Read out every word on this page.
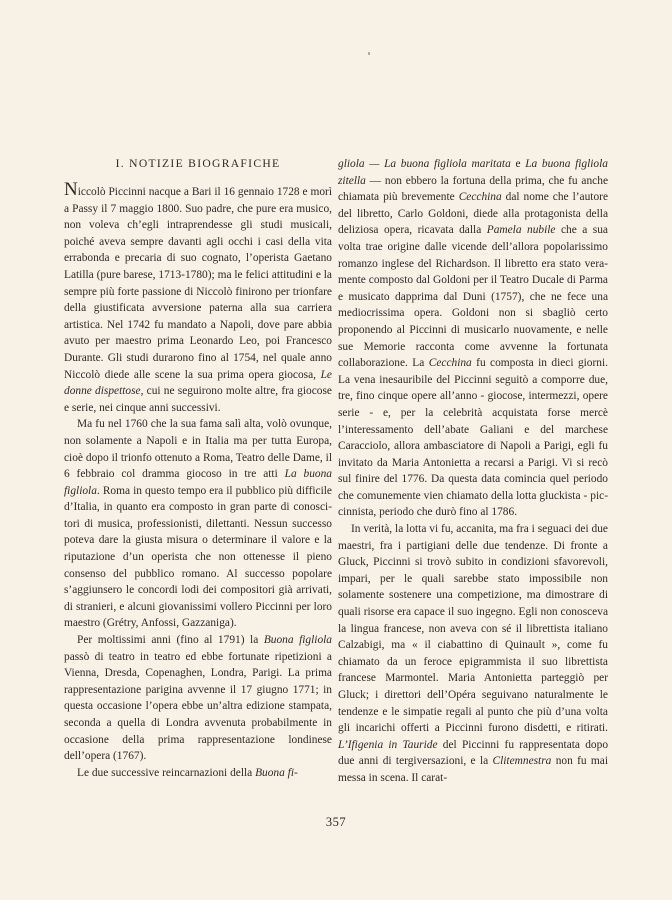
I. NOTIZIE BIOGRAFICHE

Niccolò Piccinni nacque a Bari il 16 gennaio 1728 e morì a Passy il 7 maggio 1800. Suo padre, che pure era musico, non voleva ch’egli intraprendesse gli studi musicali, poiché aveva sempre davanti agli occhi i casi della vita errabonda e precaria di suo cognato, l’operista Gaetano Latilla (pure barese, 1713-1780); ma le felici attitudini e la sempre più forte passione di Niccolò finirono per trionfare della giustificata avversione paterna alla sua carriera artistica. Nel 1742 fu mandato a Napoli, dove pare abbia avuto per maestro prima Leonardo Leo, poi Francesco Durante. Gli studi durarono fino al 1754, nel quale anno Niccolò diede alle scene la sua prima opera giocosa, Le donne dispettose, cui ne seguirono molte altre, fra giocose e serie, nei cinque anni successivi.

Ma fu nel 1760 che la sua fama salì alta, volò ovunque, non solamente a Napoli e in Italia ma per tutta Europa, cioè dopo il trionfo ottenuto a Roma, Teatro delle Dame, il 6 febbraio col dramma giocoso in tre atti La buona figliola. Roma in questo tempo era il pubblico più difficile d’Italia, in quanto era composto in gran parte di conoscitori di musica, professionisti, dilettanti. Nessun successo poteva dare la giusta misura o determinare il valore e la riputazione d’un operista che non ottenesse il pieno consenso del pubblico romano. Al successo popolare s’aggiunsero le concordi lodi dei compositori già arrivati, di stranieri, e alcuni giovanissimi vollero Piccinni per loro maestro (Grétry, Anfossi, Gazzaniga).

Per moltissimi anni (fino al 1791) la Buona figliola passò di teatro in teatro ed ebbe fortunate ripetizioni a Vienna, Dresda, Copenaghen, Londra, Parigi. La prima rappresentazione parigina avvenne il 17 giugno 1771; in questa occasione l’opera ebbe un’altra edizione stampata, seconda a quella di Londra avvenuta probabilmente in occasione della prima rappresentazione londinese dell’opera (1767).

Le due successive reincarnazioni della Buona fi-

gliola — La buona figliola maritata e La buona figliola zitella — non ebbero la fortuna della prima, che fu anche chiamata più brevemente Cecchina dal nome che l’autore del libretto, Carlo Goldoni, diede alla protagonista della deliziosa opera, ricavata dalla Pamela nubile che a sua volta trae origine dalle vicende dell’allora popolarissimo romanzo inglese del Richardson. Il libretto era stato veramente composto dal Goldoni per il Teatro Ducale di Parma e musicato dapprima dal Duni (1757), che ne fece una mediocrissima opera. Goldoni non si sbagliò certo proponendo al Piccinni di musicarlo nuovamente, e nelle sue Memorie racconta come avvenne la fortunata collaborazione. La Cecchina fu composta in dieci giorni. La vena inesauribile del Piccinni seguitò a comporre due, tre, fino cinque opere all’anno - giocose, intermezzi, opere serie - e, per la celebrità acquistata forse mercè l’interessamento dell’abate Galiani e del marchese Caracciolo, allora ambasciatore di Napoli a Parigi, egli fu invitato da Maria Antonietta a recarsi a Parigi. Vi si recò sul finire del 1776. Da questa data comincia quel periodo che comunemente vien chiamato della lotta gluckista - piccinnista, periodo che durò fino al 1786.

In verità, la lotta vi fu, accanita, ma fra i seguaci dei due maestri, fra i partigiani delle due tendenze. Di fronte a Gluck, Piccinni si trovò subito in condizioni sfavorevoli, impari, per le quali sarebbe stato impossibile non solamente sostenere una competizione, ma dimostrare di quali risorse era capace il suo ingegno. Egli non conosceva la lingua francese, non aveva con sé il librettista italiano Calzabigi, ma « il ciabattino di Quinault », come fu chiamato da un feroce epigrammista il suo librettista francese Marmontel. Maria Antonietta parteggiò per Gluck; i direttori dell’Opéra seguivano naturalmente le tendenze e le simpatie regali al punto che più d’una volta gli incarichi offerti a Piccinni furono disdetti, e ritirati. L’Ifigenia in Tauride del Piccinni fu rappresentata dopo due anni di tergiversazioni, e la Clitemnestra non fu mai messa in scena. Il carat-

357
